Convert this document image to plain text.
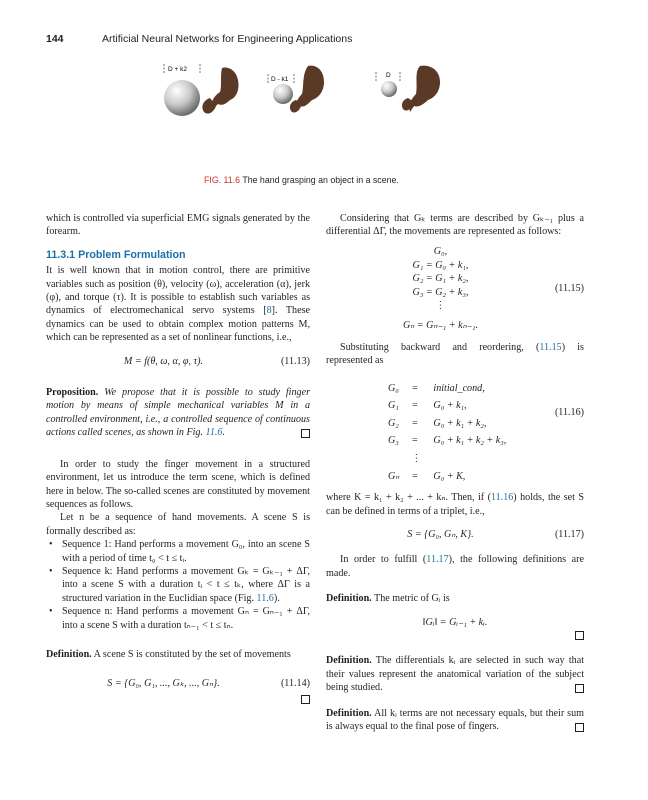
144	Artificial Neural Networks for Engineering Applications
D + k2
D - k1
D
FIG. 11.6 The hand grasping an object in a scene.

which is controlled via superficial EMG signals generated by the forearm.

11.3.1 Problem Formulation

It is well known that in motion control, there are primitive variables such as position (θ), velocity (ω), acceleration (α), jerk (φ), and torque (τ). It is possible to establish such variables as dynamics of electromechanical servo systems [8]. These dynamics can be used to obtain complex motion patterns M, which can be represented as a set of nonlinear functions, i.e.,

M = f(θ, ω, α, φ, τ).	(11.13)

Proposition. We propose that it is possible to study finger motion by means of simple mechanical variables M in a controlled environment, i.e., a controlled sequence of continuous actions called scenes, as shown in Fig. 11.6.

In order to study the finger movement in a structured environment, let us introduce the term scene, which is defined here in below. The so-called scenes are constituted by movement sequences as follows.

Let n be a sequence of hand movements. A scene S is formally described as:

• Sequence 1: Hand performs a movement G₀, into an scene S with a period of time t₀ < t ≤ tᵢ.
• Sequence k: Hand performs a movement Gₖ = Gₖ₋₁ + ΔΓ, into a scene S with a duration tᵢ < t ≤ tₖ, where ΔΓ is a structured variation in the Euclidian space (Fig. 11.6).
• Sequence n: Hand performs a movement Gₙ = Gₙ₋₁ + ΔΓ, into a scene S with a duration tₙ₋₁ < t ≤ tₙ.

Definition. A scene S is constituted by the set of movements

S = {G₀, G₁, ..., Gₖ, ..., Gₙ}.	(11.14)

Considering that Gₖ terms are described by Gₖ₋₁ plus a differential ΔΓ, the movements are represented as follows:

G₀,
G₁ = G₀ + k₁,
G₂ = G₁ + k₂,
G₃ = G₂ + k₃,
⋮
Gₙ = Gₙ₋₁ + kₙ₋₁.
(11.15)

Substituting backward and reordering, (11.15) is represented as

G₀	=	initial_cond,
G₁	=	G₀ + k₁,
G₂	=	G₀ + k₁ + k₂,
G₃	=	G₀ + k₁ + k₂ + k₃,
	⋮	
Gₙ	=	G₀ + K,
(11.16)

where K = k₁ + k₂ + ... + kₙ. Then, if (11.16) holds, the set S can be defined in terms of a triplet, i.e.,

S = {G₀, Gₙ, K}.	(11.17)

In order to fulfill (11.17), the following definitions are made.

Definition. The metric of Gᵢ is

‖Gᵢ‖ = Gᵢ₋₁ + kᵢ.

Definition. The differentials kᵢ are selected in such way that their values represent the anatomical variation of the subject being studied.

Definition. All kᵢ terms are not necessary equals, but their sum is always equal to the final pose of fingers.
